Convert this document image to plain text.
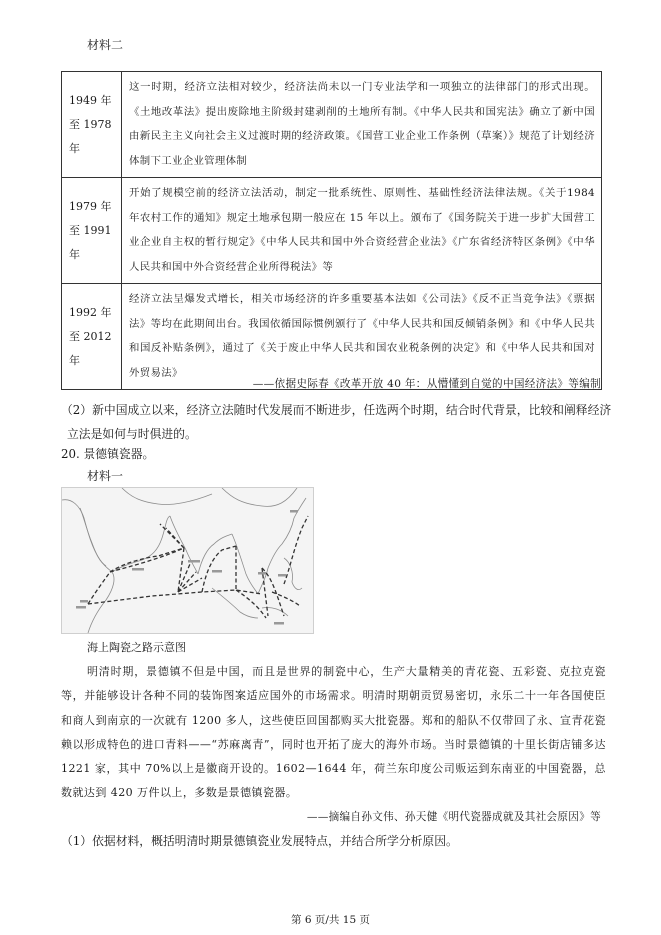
材料二
1949 年
至 1978
年	这一时期，经济立法相对较少，经济法尚未以一门专业法学和一项独立的法律部门的形式出现。《土地改革法》提出废除地主阶级封建剥削的土地所有制。《中华人民共和国宪法》确立了新中国由新民主主义向社会主义过渡时期的经济政策。《国营工业企业工作条例（草案）》规范了计划经济体制下工业企业管理体制

1979 年
至 1991
年	开始了规模空前的经济立法活动，制定一批系统性、原则性、基础性经济法律法规。《关于1984 年农村工作的通知》规定土地承包期一般应在 15 年以上。颁布了《国务院关于进一步扩大国营工业企业自主权的暂行规定》《中华人民共和国中外合资经营企业法》《广东省经济特区条例》《中华人民共和国中外合资经营企业所得税法》等

1992 年
至 2012
年	经济立法呈爆发式增长，相关市场经济的许多重要基本法如《公司法》《反不正当竞争法》《票据法》等均在此期间出台。我国依循国际惯例颁行了《中华人民共和国反倾销条例》和《中华人民共和国反补贴条例》，通过了《关于废止中华人民共和国农业税条例的决定》和《中华人民共和国对外贸易法》
——依据史际春《改革开放 40 年：从懵懂到自觉的中国经济法》等编制
（2）新中国成立以来，经济立法随时代发展而不断进步，任选两个时期，结合时代背景，比较和阐释经济立法是如何与时俱进的。
20. 景德镇瓷器。
材料一
海上陶瓷之路示意图
明清时期，景德镇不但是中国，而且是世界的制瓷中心，生产大量精美的青花瓷、五彩瓷、克拉克瓷等，并能够设计各种不同的装饰图案适应国外的市场需求。明清时期朝贡贸易密切，永乐二十一年各国使臣和商人到南京的一次就有 1200 多人，这些使臣回国都购买大批瓷器。郑和的船队不仅带回了永、宣青花瓷赖以形成特色的进口青料——“苏麻离青”，同时也开拓了庞大的海外市场。当时景德镇的十里长街店铺多达 1221 家，其中 70%以上是徽商开设的。1602—1644 年，荷兰东印度公司贩运到东南亚的中国瓷器，总数就达到 420 万件以上，多数是景德镇瓷器。
——摘编自孙文伟、孙天健《明代瓷器成就及其社会原因》等
（1）依据材料，概括明清时期景德镇瓷业发展特点，并结合所学分析原因。
第 6 页/共 15 页
